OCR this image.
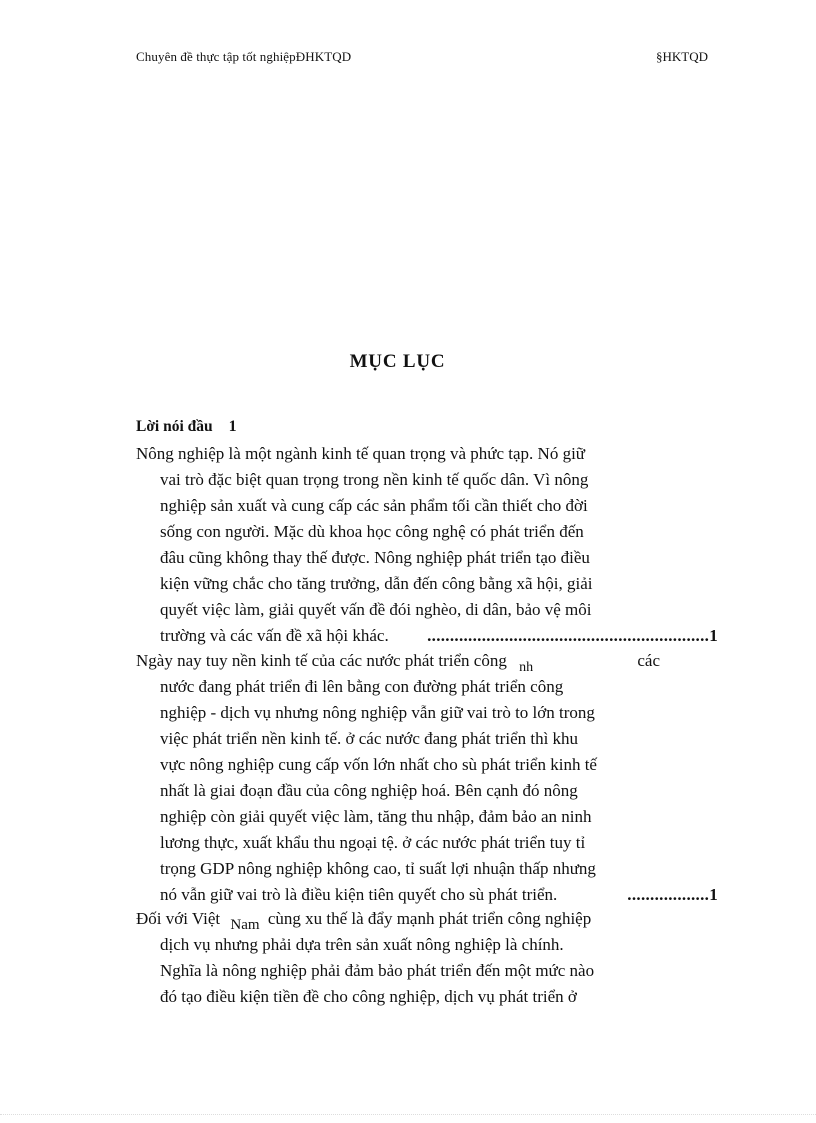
Chuyên đề thực tập tốt nghiệpĐHKTQD	§HKTQD
MỤC LỤC
Lời nói đầu 1
Nông nghiệp là một ngành kinh tế quan trọng và phức tạp. Nó giữ
vai trò đặc biệt quan trọng trong nền kinh tế quốc dân. Vì nông
nghiệp sản xuất và cung cấp các sản phẩm tối cần thiết cho đời
sống con người. Mặc dù khoa học công nghệ có phát triển đến
đâu cũng không thay thế được. Nông nghiệp phát triển tạo điều
kiện vững chắc cho tăng trưởng, dẫn đến công bằng xã hội, giải
quyết việc làm, giải quyết vấn đề đói nghèo, di dân, bảo vệ môi
trường và các vấn đề xã hội khác. ..............................................................1
Ngày nay tuy nền kinh tế của các nước phát triển công $_{nh}$	các
nước đang phát triển đi lên bằng con đường phát triển công
nghiệp - dịch vụ nhưng nông nghiệp vẫn giữ vai trò to lớn trong
việc phát triển nền kinh tế. ở các nước đang phát triển thì khu
vực nông nghiệp cung cấp vốn lớn nhất cho sù phát triển kinh tế
nhất là giai đoạn đầu của công nghiệp hoá. Bên cạnh đó nông
nghiệp còn giải quyết việc làm, tăng thu nhập, đảm bảo an ninh
lương thực, xuất khẩu thu ngoại tệ. ở các nước phát triển tuy tỉ
trọng GDP nông nghiệp không cao, tỉ suất lợi nhuận thấp nhưng
nó vẫn giữ vai trò là điều kiện tiên quyết cho sù phát triển.	..................1
Đối với Việt Nam cùng xu thế là đẩy mạnh phát triển công nghiệp
dịch vụ nhưng phải dựa trên sản xuất nông nghiệp là chính.
Nghĩa là nông nghiệp phải đảm bảo phát triển đến một mức nào
đó tạo điều kiện tiền đề cho công nghiệp, dịch vụ phát triển ở
